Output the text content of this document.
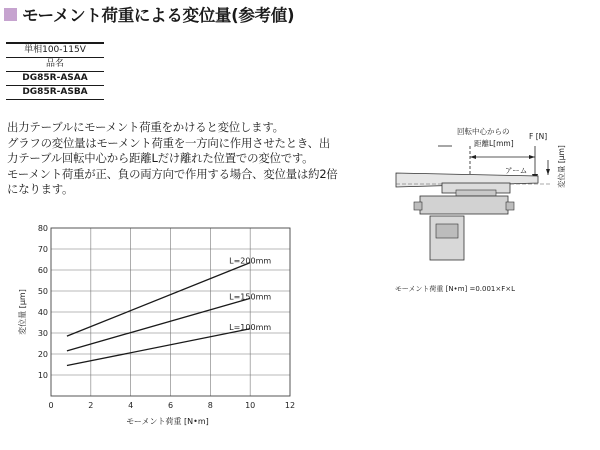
モーメント荷重による変位量(参考値)
単相100-115V
品名
DG85R-ASAA
DG85R-ASBA

出力テーブルにモーメント荷重をかけると変位します。

グラフの変位量はモーメント荷重を一方向に作用させたとき、出

力テーブル回転中心から距離Lだけ離れた位置での変位です。

モーメント荷重が正、負の両方向で作用する場合、変位量は約2倍

になります。

0	2	4	6	8	10	12
10
20
30
40
50
60
70
80
L=200mm
L=150mm
L=100mm
モーメント荷重 [N•m]
変位量 [μm]
回転中心からの
距離L[mm]
F [N]
アーム	変位量 [μm]
モーメント荷重 [N•m] =0.001×F×L
